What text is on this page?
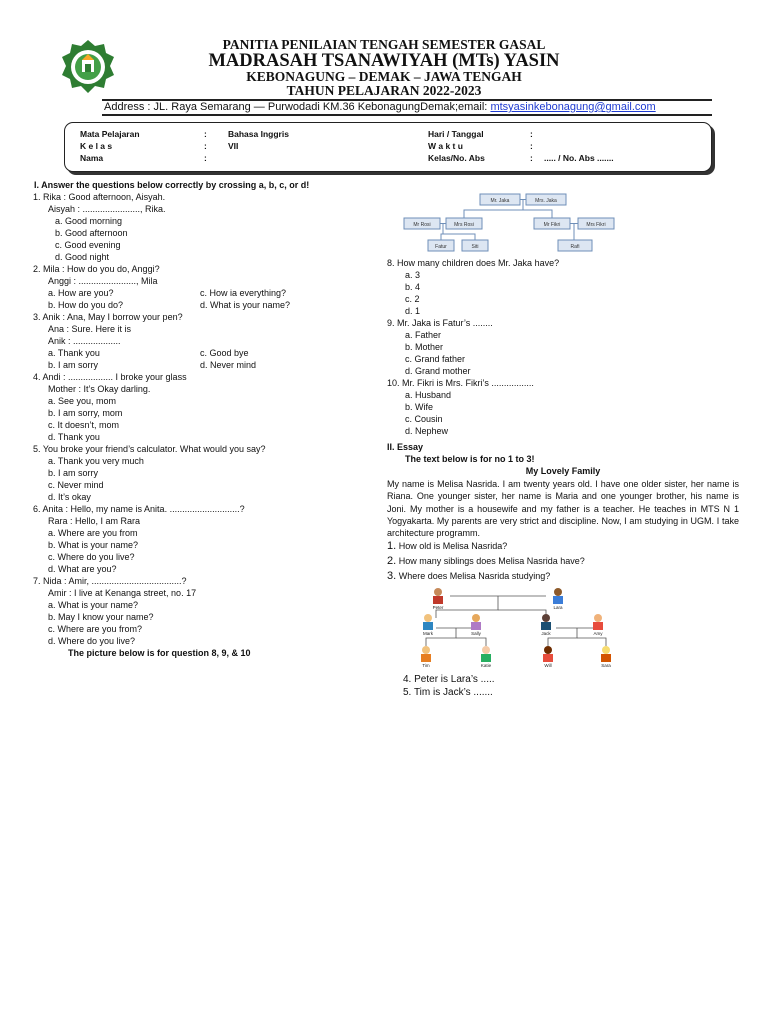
PANITIA PENILAIAN TENGAH SEMESTER GASAL
MADRASAH TSANAWIYAH (MTs) YASIN
KEBONAGUNG – DEMAK – JAWA TENGAH
TAHUN PELAJARAN 2022-2023
Address : JL. Raya Semarang — Purwodadi KM.36 KebonagungDemak;email: mtsyasinkebonagung@gmail.com
Mata Pelajaran	: Bahasa Inggris
K e l a s	: VII
Nama	:
Hari / Tanggal	:
W a k t u	:
Kelas/No. Abs	: ..... / No. Abs .......
I. Answer the questions below correctly by crossing a, b, c, or d!
1. Rika : Good afternoon, Aisyah.
Aisyah : ......................., Rika.
a. Good morning
b. Good afternoon
c. Good evening
d. Good night
2. Mila : How do you do, Anggi?
Anggi : ......................., Mila
a. How are you?	c. How ia everything?
b. How do you do?	d. What is your name?
3. Anik : Ana, May I borrow your pen?
Ana : Sure. Here it is
Anik : ...................
a. Thank you	c. Good bye
b. I am sorry	d. Never mind
4. Andi : .................. I broke your glass
Mother : It’s Okay darling.
a. See you, mom
b. I am sorry, mom
c. It doesn’t, mom
d. Thank you
5. You broke your friend’s calculator. What would you say?
a. Thank you very much
b. I am sorry
c. Never mind
d. It’s okay
6. Anita : Hello, my name is Anita. ............................?
Rara : Hello, I am Rara
a. Where are you from
b. What is your name?
c. Where do you live?
d. What are you?
7. Nida : Amir, ....................................?
Amir : I live at Kenanga street, no. 17
a. What is your name?
b. May I know your name?
c. Where are you from?
d. Where do you live?
The picture below is for question 8, 9, & 10
Mr. Jaka	Mrs. Jaka
Mr Rosi	Mrs Rosi	Mr Fikri	Mrs Fikri
Fatur	Siti	Rafi
8. How many children does Mr. Jaka have?
a. 3
b. 4
c. 2
d. 1
9. Mr. Jaka is Fatur’s ........
a. Father
b. Mother
c. Grand father
d. Grand mother
10. Mr. Fikri is Mrs. Fikri’s .................
a. Husband
b. Wife
c. Cousin
d. Nephew
II. Essay
The text below is for no 1 to 3!
My Lovely Family
My name is Melisa Nasrida. I am twenty years old. I have one older sister, her name is Riana. One younger sister, her name is Maria and one younger brother, his name is Joni. My mother is a housewife and my father is a teacher. He teaches in MTS N 1 Yogyakarta. My parents are very strict and discipline. Now, I am studying in UGM. I take architecture programm.
1. How old is Melisa Nasrida?
2. How many siblings does Melisa Nasrida have?
3. Where does Melisa Nasrida studying?
Peter	Lara
Mark	Sally	Jack	Amy
Tim	Katie	Will	Sara
4. Peter is Lara’s .....
5. Tim is Jack’s .......
